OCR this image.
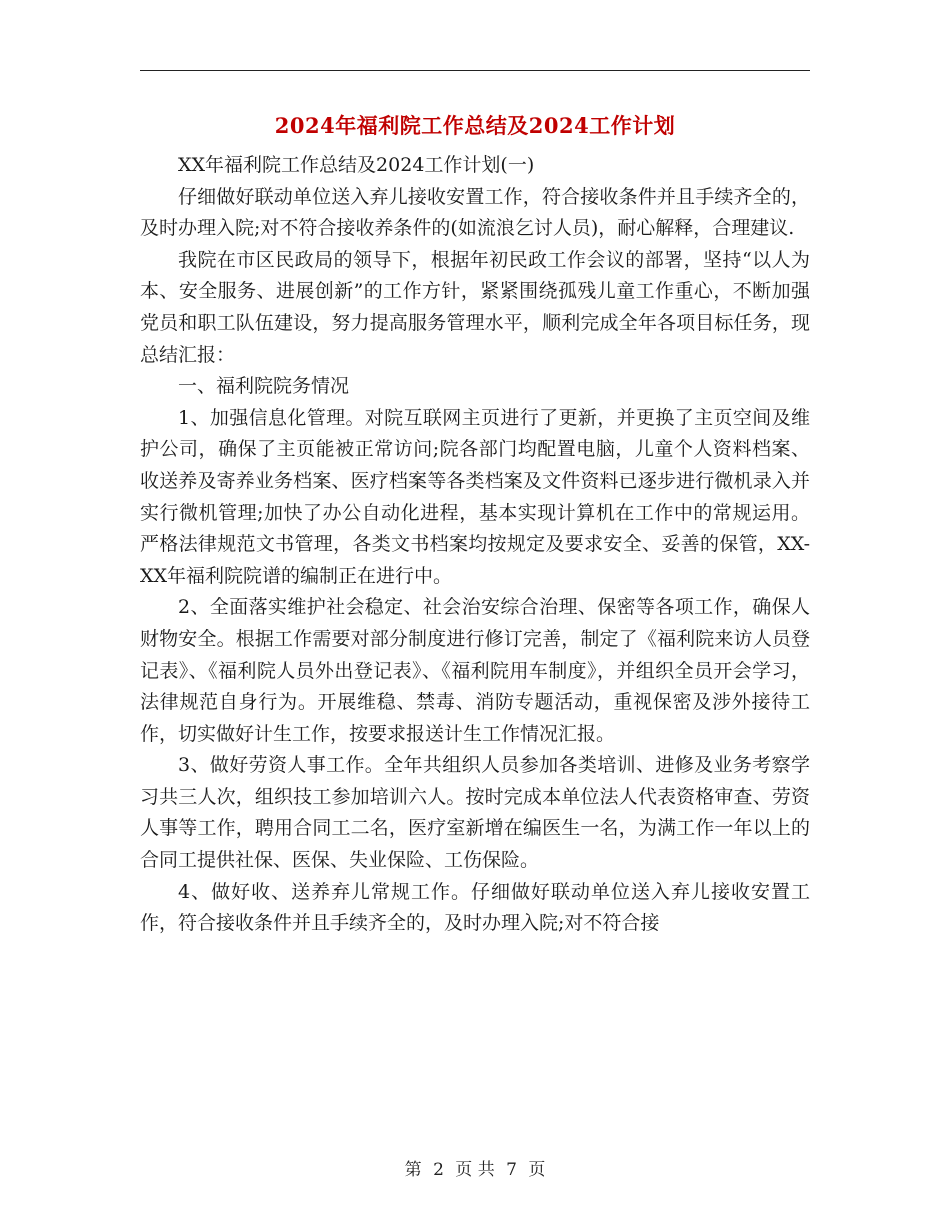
2024年福利院工作总结及2024工作计划

XX年福利院工作总结及2024工作计划(一)

仔细做好联动单位送入弃儿接收安置工作，符合接收条件并且手续齐全的，及时办理入院;对不符合接收养条件的(如流浪乞讨人员)，耐心解释，合理建议.

我院在市区民政局的领导下，根据年初民政工作会议的部署，坚持“以人为本、安全服务、进展创新”的工作方针，紧紧围绕孤残儿童工作重心，不断加强党员和职工队伍建设，努力提高服务管理水平，顺利完成全年各项目标任务，现总结汇报：

一、福利院院务情况

1、加强信息化管理。对院互联网主页进行了更新，并更换了主页空间及维护公司，确保了主页能被正常访问;院各部门均配置电脑，儿童个人资料档案、收送养及寄养业务档案、医疗档案等各类档案及文件资料已逐步进行微机录入并实行微机管理;加快了办公自动化进程，基本实现计算机在工作中的常规运用。严格法律规范文书管理，各类文书档案均按规定及要求安全、妥善的保管，XX-XX年福利院院谱的编制正在进行中。

2、全面落实维护社会稳定、社会治安综合治理、保密等各项工作，确保人财物安全。根据工作需要对部分制度进行修订完善，制定了《福利院来访人员登记表》、《福利院人员外出登记表》、《福利院用车制度》，并组织全员开会学习，法律规范自身行为。开展维稳、禁毒、消防专题活动，重视保密及涉外接待工作，切实做好计生工作，按要求报送计生工作情况汇报。

3、做好劳资人事工作。全年共组织人员参加各类培训、进修及业务考察学习共三人次，组织技工参加培训六人。按时完成本单位法人代表资格审查、劳资人事等工作，聘用合同工二名，医疗室新增在编医生一名，为满工作一年以上的合同工提供社保、医保、失业保险、工伤保险。

4、做好收、送养弃儿常规工作。仔细做好联动单位送入弃儿接收安置工作，符合接收条件并且手续齐全的，及时办理入院;对不符合接

第 2 页 共 7 页
